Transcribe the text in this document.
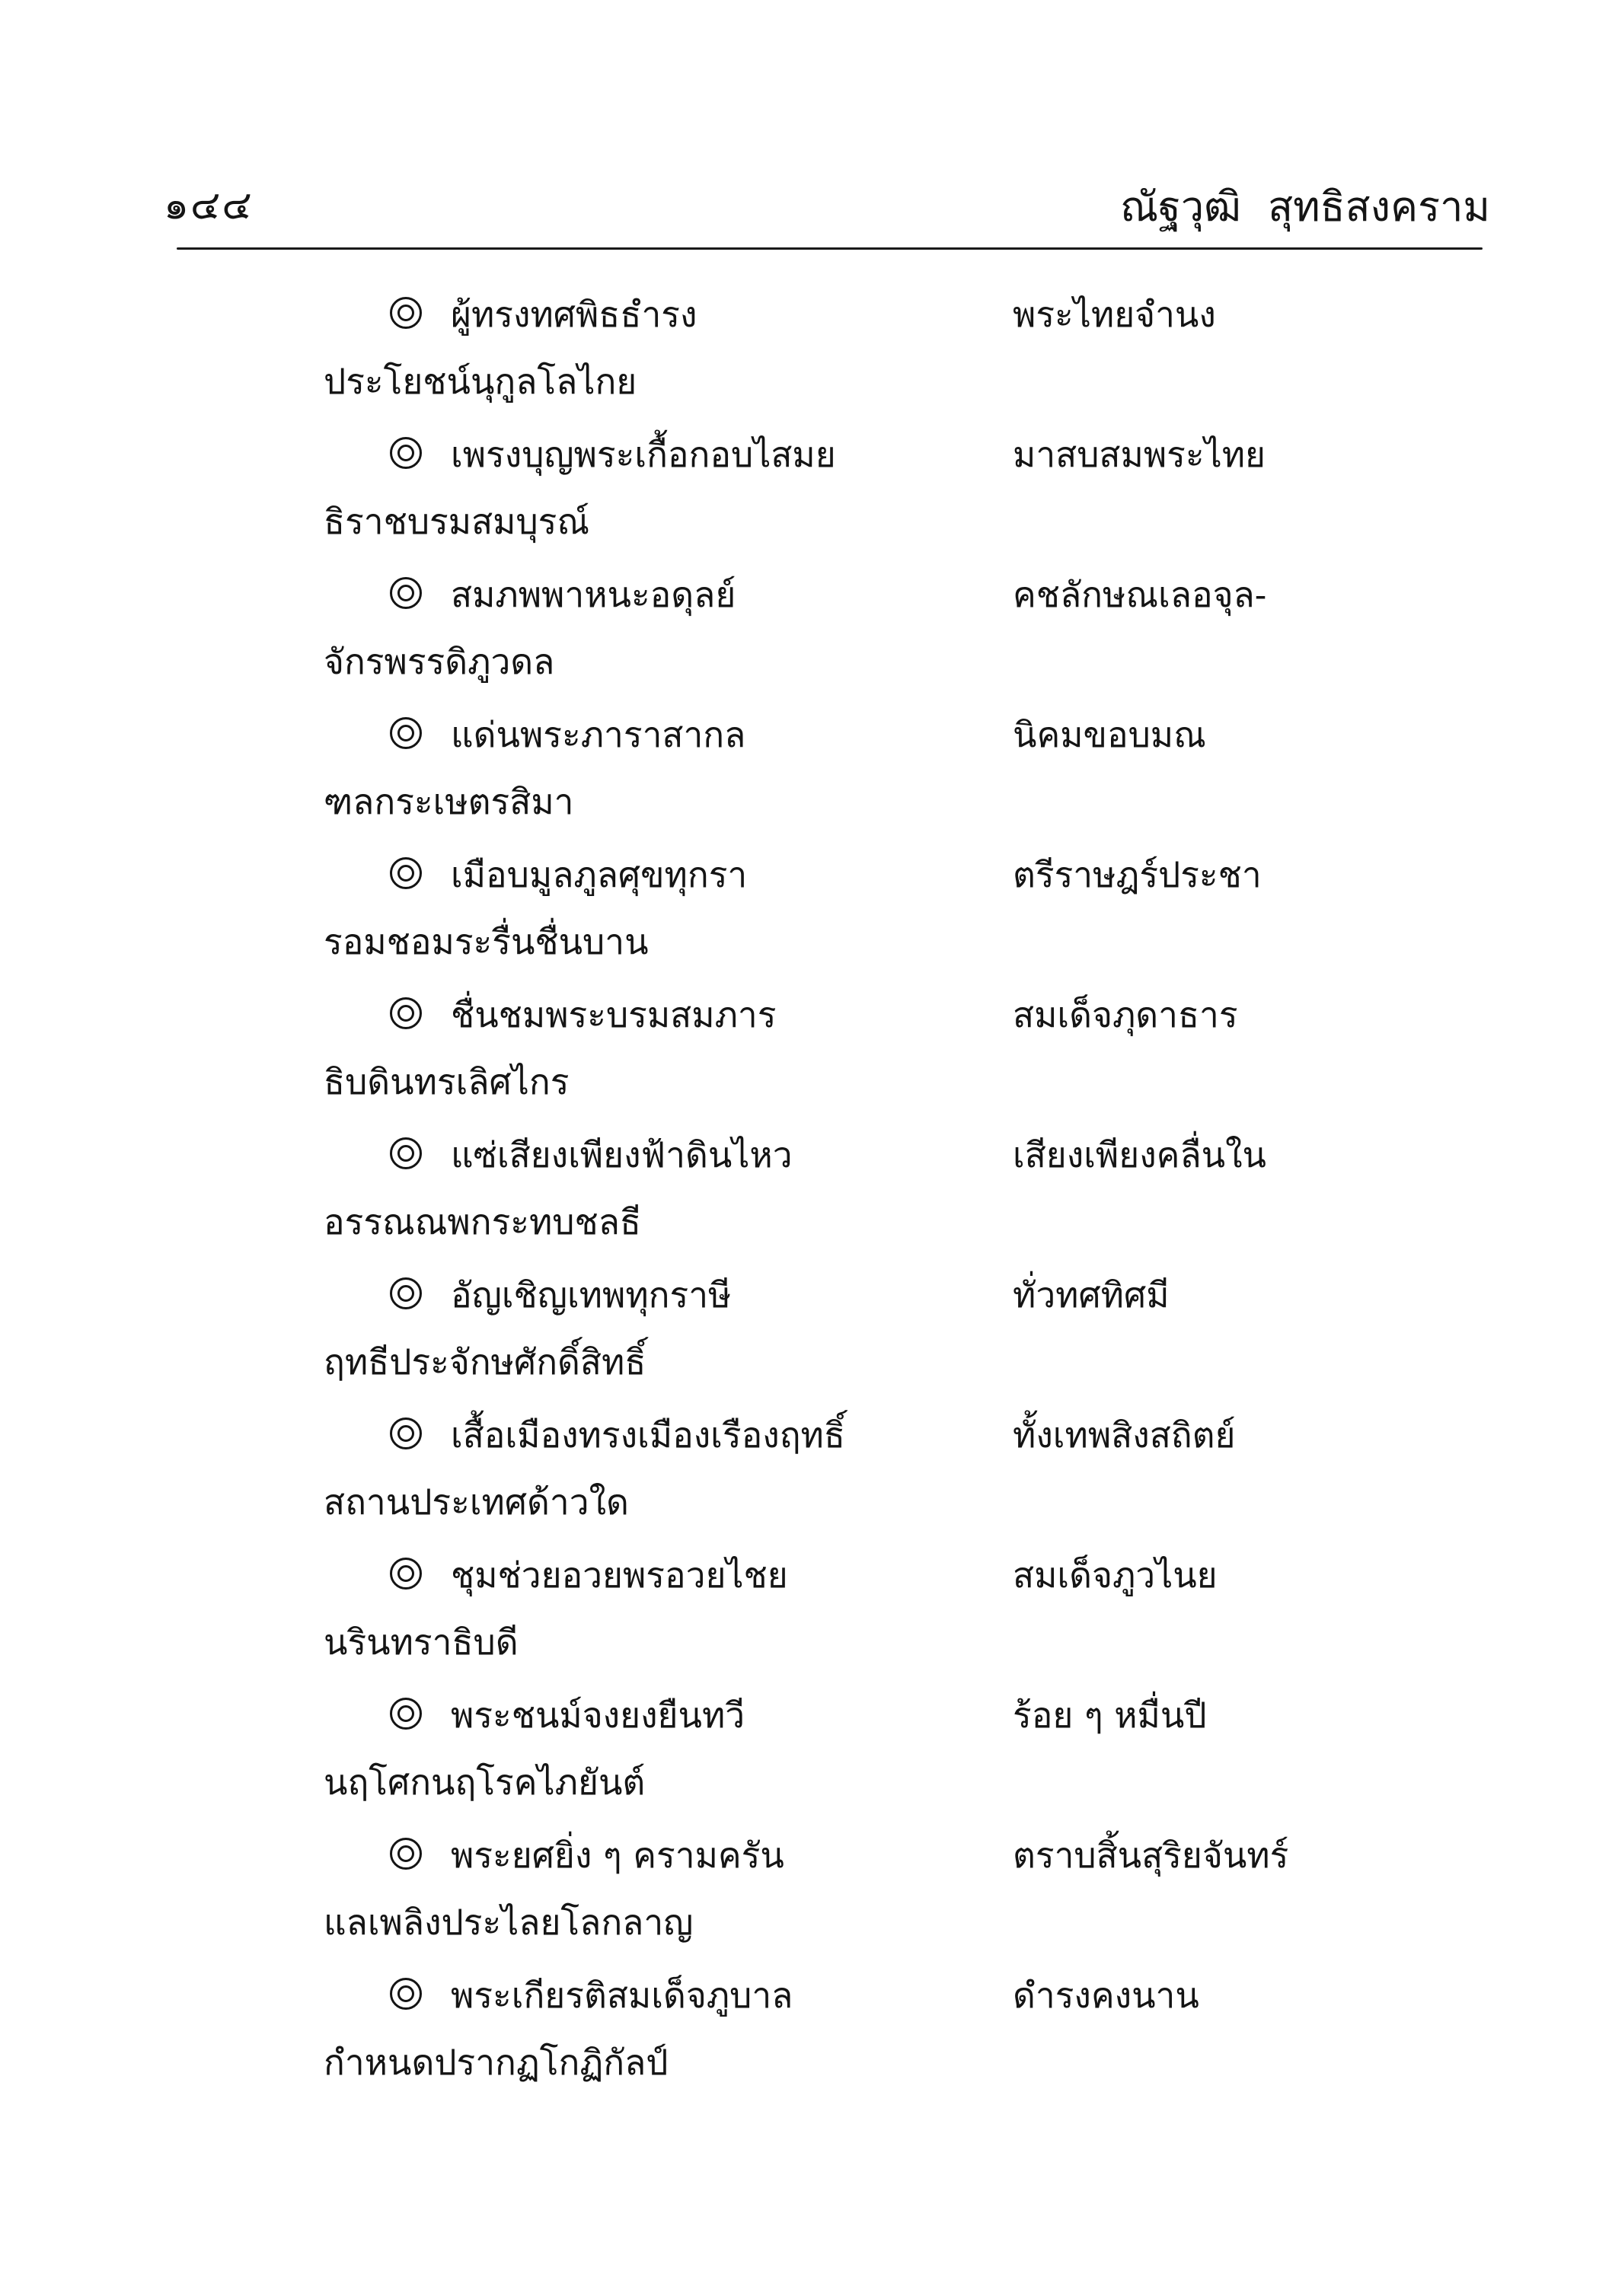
๑๔๔	ณัฐวุฒิ สุทธิสงคราม
ผู้ทรงทศพิธธำรง	พระไทยจำนง
ประโยชน์นุกูลโลไกย
เพรงบุญพระเกื้อกอบไสมย	มาสบสมพระไทย
ธิราชบรมสมบุรณ์
สมภพพาหนะอดุลย์	คชลักษณเลอจุล-
จักรพรรดิภูวดล
แด่นพระภาราสากล	นิคมขอบมณ
ฑลกระเษตรสิมา
เมือบมูลภูลศุขทุกรา	ตรีราษฎร์ประชา
รอมชอมระรื่นชื่นบาน
ชื่นชมพระบรมสมภาร	สมเด็จภุดาธาร
ธิบดินทรเลิศไกร
แซ่เสียงเพียงฟ้าดินไหว	เสียงเพียงคลื่นใน
อรรณณพกระทบชลธี
อัญเชิญเทพทุกราษี	ทั่วทศทิศมี
ฤทธีประจักษศักดิ์สิทธิ์
เสื้อเมืองทรงเมืองเรืองฤทธิ์	ทั้งเทพสิงสถิตย์
สถานประเทศด้าวใด
ชุมช่วยอวยพรอวยไชย	สมเด็จภูวไนย
นรินทราธิบดี
พระชนม์จงยงยืนทวี	ร้อย ๆ หมื่นปี
นฤโศกนฤโรคไภยันต์
พระยศยิ่ง ๆ ครามครัน	ตราบสิ้นสุริยจันทร์
แลเพลิงประไลยโลกลาญ
พระเกียรติสมเด็จภูบาล	ดำรงคงนาน
กำหนดปรากฏโกฏิกัลป์
